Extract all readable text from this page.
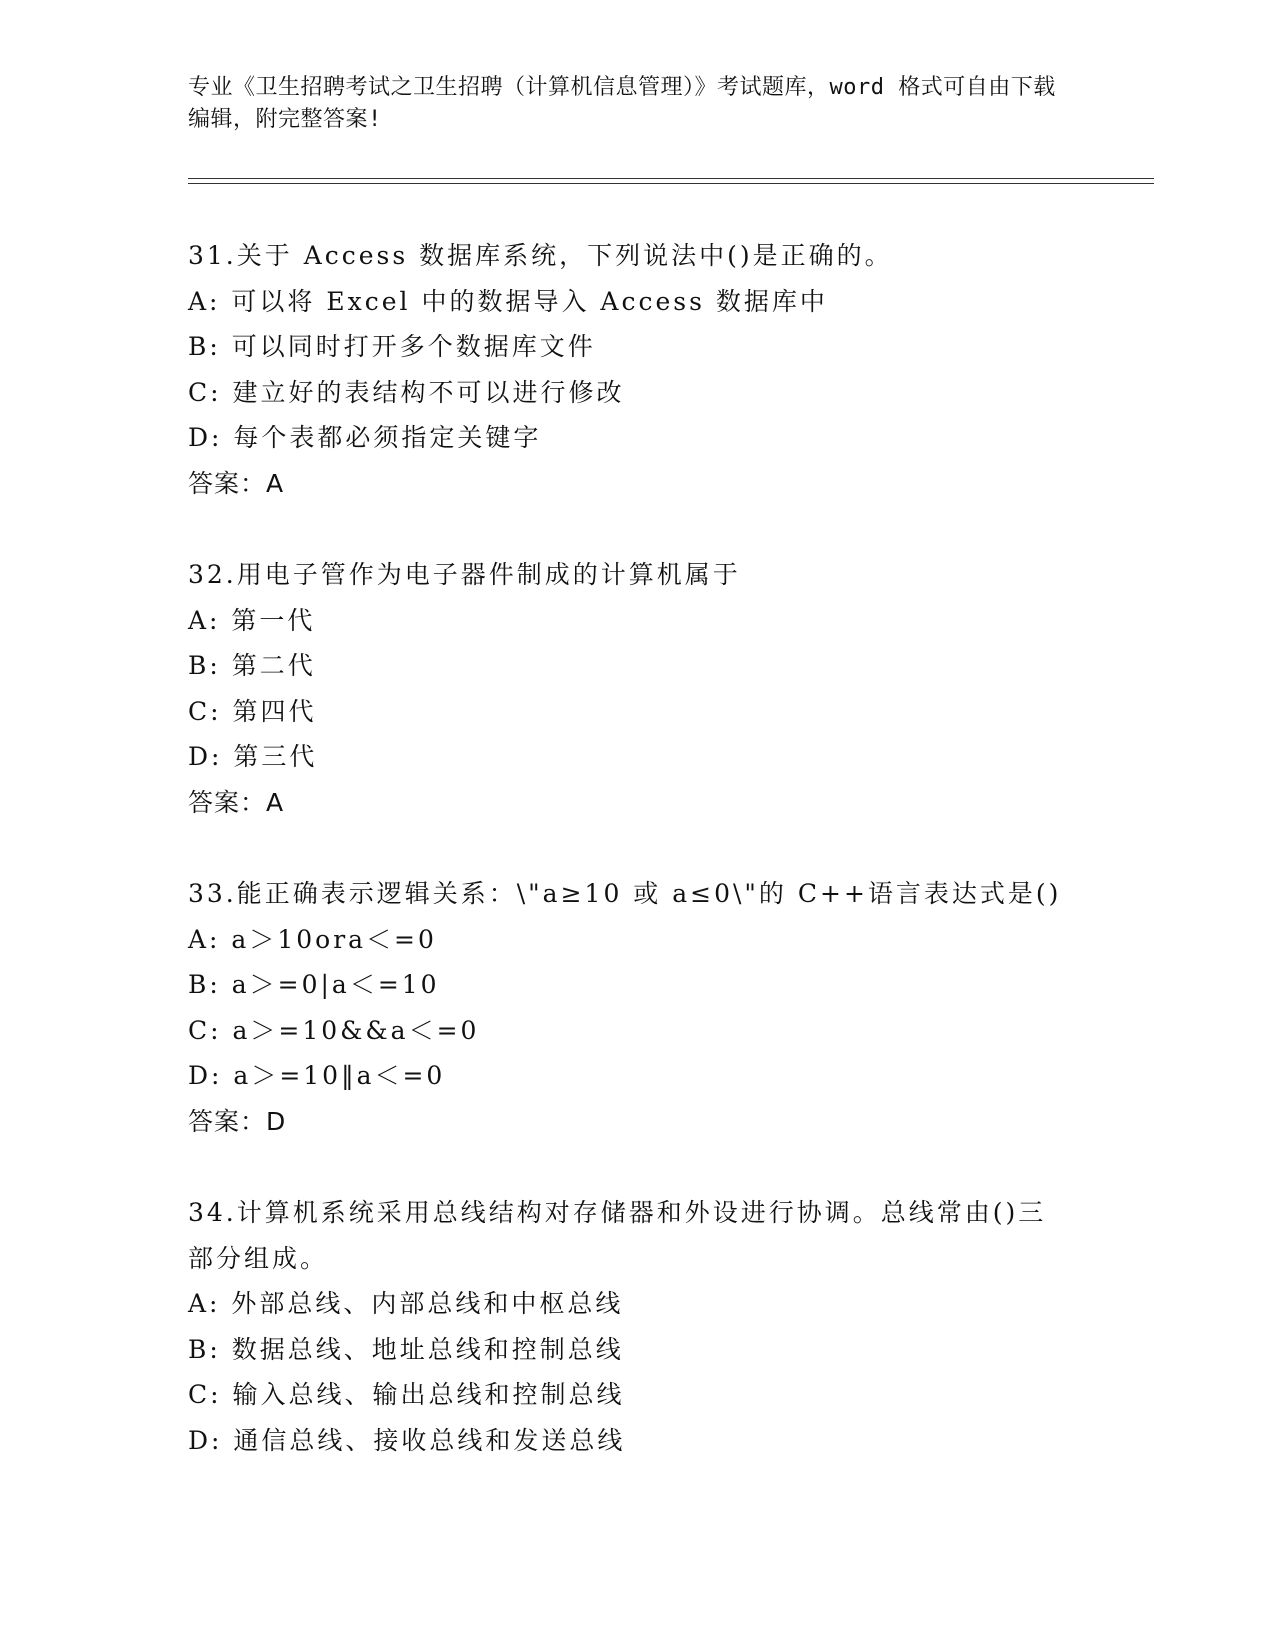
专业《卫生招聘考试之卫生招聘（计算机信息管理）》考试题库，word 格式可自由下载编辑，附完整答案!
31.关于 Access 数据库系统，下列说法中()是正确的。
A: 可以将 Excel 中的数据导入 Access 数据库中
B: 可以同时打开多个数据库文件
C: 建立好的表结构不可以进行修改
D: 每个表都必须指定关键字
答案：A
32.用电子管作为电子器件制成的计算机属于
A: 第一代
B: 第二代
C: 第四代
D: 第三代
答案：A
33.能正确表示逻辑关系：\"a≥10 或 a≤0\"的 C++语言表达式是()
A: a＞10ora＜=0
B: a＞=0|a＜=10
C: a＞=10&&a＜=0
D: a＞=10‖a＜=0
答案：D
34.计算机系统采用总线结构对存储器和外设进行协调。总线常由()三部分组成。
A: 外部总线、内部总线和中枢总线
B: 数据总线、地址总线和控制总线
C: 输入总线、输出总线和控制总线
D: 通信总线、接收总线和发送总线
